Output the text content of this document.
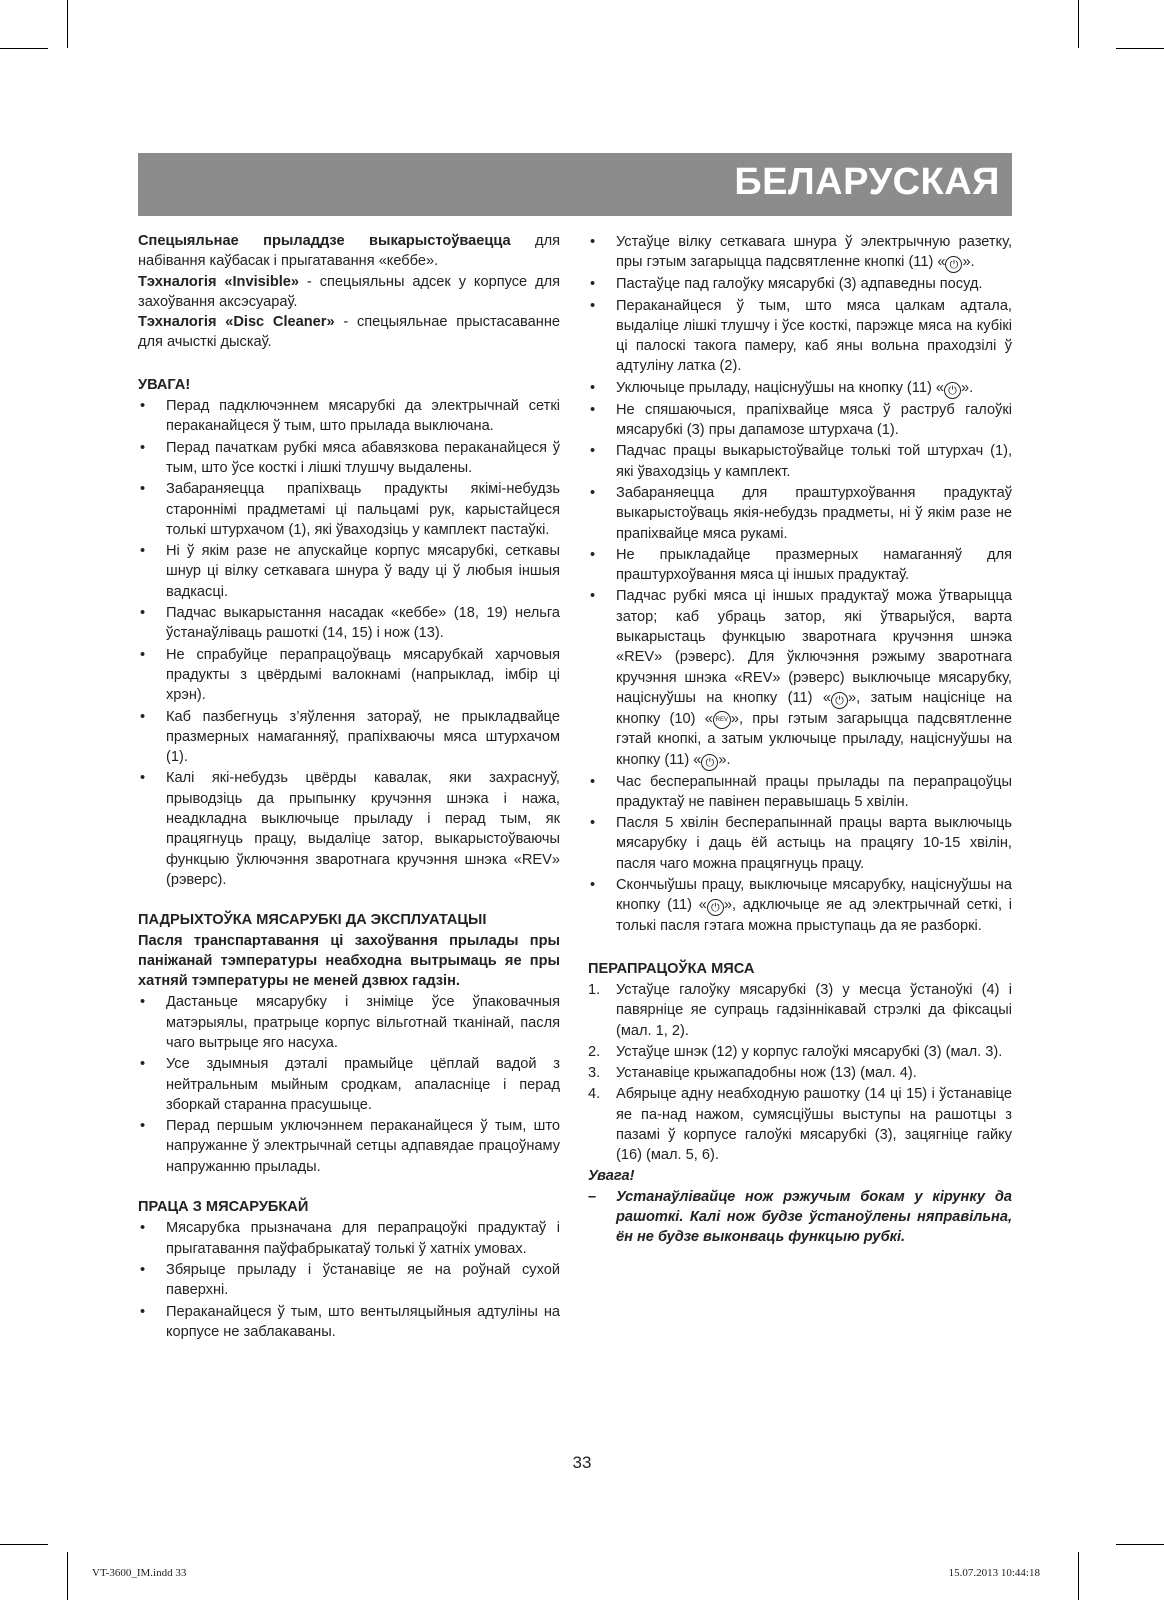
БЕЛАРУСКАЯ

Спецыяльнае прыладдзе выкарыстоўваецца для набівання каўбасак і прыгатавання «кеббе».

Тэхналогія «Invisible» - спецыяльны адсек у корпусе для захоўвання аксэсуараў.

Тэхналогія «Disc Cleaner» - спецыяльнае прыстасаванне для ачысткі дыскаў.

УВАГА!
• Перад падключэннем мясарубкі да электрычнай сеткі пераканайцеся ў тым, што прылада выключана.
• Перад пачаткам рубкі мяса абавязкова пераканайцеся ў тым, што ўсе косткі і лішкі тлушчу выдалены.
• Забараняецца прапіхваць прадукты якімі-небудзь староннімі прадметамі ці пальцамі рук, карыстайцеся толькі штурхачом (1), які ўваходзіць у камплект пастаўкі.
• Ні ў якім разе не апускайце корпус мясарубкі, сеткавы шнур ці вілку сеткавага шнура ў ваду ці ў любыя іншыя вадкасці.
• Падчас выкарыстання насадак «кеббе» (18, 19) нельга ўстанаўліваць рашоткі (14, 15) і нож (13).
• Не спрабуйце перапрацоўваць мясарубкай харчовыя прадукты з цвёрдымі валокнамі (напрыклад, імбір ці хрэн).
• Каб пазбегнуць з’яўлення затораў, не прыкладвайце празмерных намаганняў, прапіхваючы мяса штурхачом (1).
• Калі які-небудзь цвёрды кавалак, яки захраснуў, прыводзіць да прыпынку кручэння шнэка і нажа, неадкладна выключыце прыладу і перад тым, як працягнуць працу, выдаліце затор, выкарыстоўваючы функцыю ўключэння зваротнага кручэння шнэка «REV» (рэверс).
ПАДРЫХТОЎКА МЯСАРУБКІ ДА ЭКСПЛУАТАЦЫІ

Пасля транспартавання ці захоўвання прылады пры паніжанай тэмпературы неабходна вытрымаць яе пры хатняй тэмпературы не меней дзвюх гадзін.

• Дастаньце мясарубку і зніміце ўсе ўпаковачныя матэрыялы, пратрыце корпус вільготнай тканінай, пасля чаго вытрыце яго насуха.
• Усе здымныя дэталі прамыйце цёплай вадой з нейтральным мыйным сродкам, апаласніце і перад зборкай старанна прасушыце.
• Перад першым уключэннем пераканайцеся ў тым, што напружанне ў электрычнай сетцы адпавядае працоўнаму напружанню прылады.
ПРАЦА З МЯСАРУБКАЙ
• Мясарубка прызначана для перапрацоўкі прадуктаў і прыгатавання паўфабрыкатаў толькі ў хатніх умовах.
• Збярыце прыладу і ўстанавіце яе на роўнай сухой паверхні.
• Пераканайцеся ў тым, што вентыляцыйныя адтуліны на корпусе не заблакаваны.
• Устаўце вілку сеткавага шнура ў электрычную разетку, пры гэтым загарыцца падсвятленне кнопкі (11) « ⏻ ».
• Пастаўце пад галоўку мясарубкі (3) адпаведны посуд.
• Пераканайцеся ў тым, што мяса цалкам адтала, выдаліце лішкі тлушчу і ўсе косткі, парэжце мяса на кубікі ці палоскі такога памеру, каб яны вольна праходзілі ў адтуліну латка (2).
• Уключыце прыладу, націснуўшы на кнопку (11) « ⏻ ».
• Не спяшаючыся, прапіхвайце мяса ў раструб галоўкі мясарубкі (3) пры дапамозе штурхача (1).
• Падчас працы выкарыстоўвайце толькі той штурхач (1), які ўваходзіць у камплект.
• Забараняецца для праштурхоўвання прадуктаў выкарыстоўваць якія-небудзь прадметы, ні ў якім разе не прапіхвайце мяса рукамі.
• Не прыкладайце празмерных намаганняў для праштурхоўвання мяса ці іншых прадуктаў.
• Падчас рубкі мяса ці іншых прадуктаў можа ўтварыцца затор; каб убраць затор, які ўтварыўся, варта выкарыстаць функцыю зваротнага кручэння шнэка «REV» (рэверс). Для ўключэння рэжыму зваротнага кручэння шнэка «REV» (рэверс) выключыце мясарубку, націснуўшы на кнопку (11) « ⏻ », затым націсніце на кнопку (10) « REV », пры гэтым загарыцца падсвятленне гэтай кнопкі, а затым уключыце прыладу, націснуўшы на кнопку (11) « ⏻ ».
• Час бесперапыннай працы прылады па перапрацоўцы прадуктаў не павінен перавышаць 5 хвілін.
• Пасля 5 хвілін бесперапыннай працы варта выключыць мясарубку і даць ёй астыць на працягу 10-15 хвілін, пасля чаго можна працягнуць працу.
• Скончыўшы працу, выключыце мясарубку, націснуўшы на кнопку (11) « ⏻ », адключыце яе ад электрычнай сеткі, і толькі пасля гэтага можна прыступаць да яе разборкі.
ПЕРАПРАЦОЎКА МЯСА
1. Устаўце галоўку мясарубкі (3) у месца ўстаноўкі (4) і павярніце яе супраць гадзіннікавай стрэлкі да фіксацыі (мал. 1, 2).
2. Устаўце шнэк (12) у корпус галоўкі мясарубкі (3) (мал. 3).
3. Устанавіце крыжападобны нож (13) (мал. 4).
4. Абярыце адну неабходную рашотку (14 ці 15) і ўстанавіце яе па-над нажом, сумясціўшы выступы на рашотцы з пазамі ў корпусе галоўкі мясарубкі (3), зацягніце гайку (16) (мал. 5, 6).
Увага!
– Устанаўлівайце нож рэжучым бокам у кірунку да рашоткі. Калі нож будзе ўстаноўлены няправільна, ён не будзе выконваць функцыю рубкі.
33
VT-3600_IM.indd 33	15.07.2013 10:44:18
